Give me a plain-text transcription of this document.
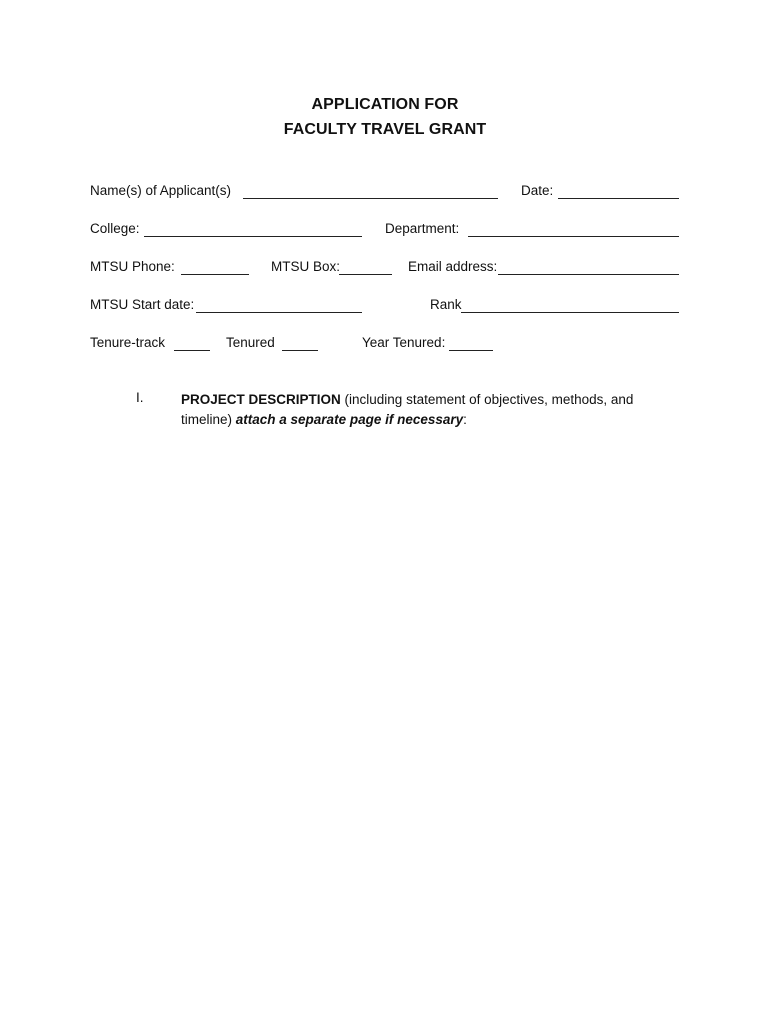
APPLICATION FOR
FACULTY TRAVEL GRANT
Name(s) of Applicant(s)	Date:
College:	Department:
MTSU Phone:	MTSU Box:	Email address:
MTSU Start date:	Rank
Tenure-track	Tenured	Year Tenured:
I.	PROJECT DESCRIPTION (including statement of objectives, methods, and timeline) attach a separate page if necessary:
